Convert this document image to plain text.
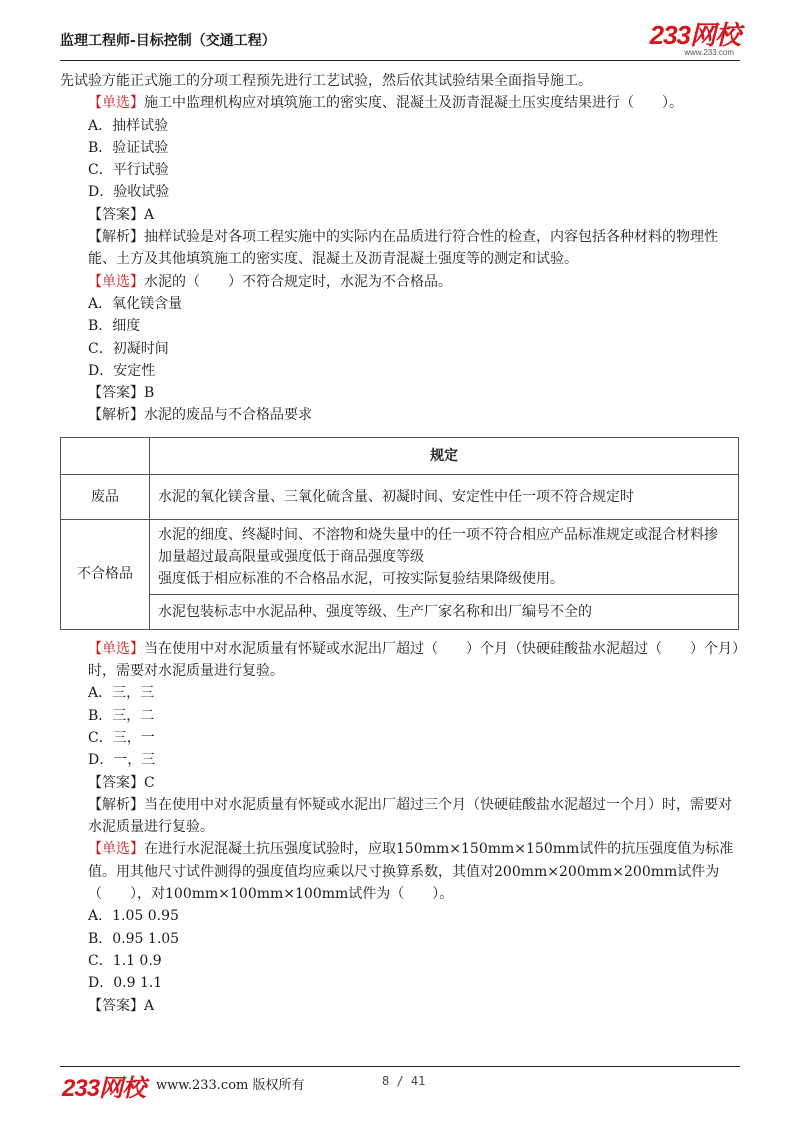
监理工程师-目标控制（交通工程）	233网校
www.233.com

先试验方能正式施工的分项工程预先进行工艺试验，然后依其试验结果全面指导施工。

【单选】施工中监理机构应对填筑施工的密实度、混凝土及沥青混凝土压实度结果进行（　　）。

A．抽样试验

B．验证试验

C．平行试验

D．验收试验

【答案】A

【解析】抽样试验是对各项工程实施中的实际内在品质进行符合性的检查，内容包括各种材料的物理性能、土方及其他填筑施工的密实度、混凝土及沥青混凝土强度等的测定和试验。

【单选】水泥的（　　）不符合规定时，水泥为不合格品。

A．氧化镁含量

B．细度

C．初凝时间

D．安定性

【答案】B

【解析】水泥的废品与不合格品要求

	规定
废品	水泥的氧化镁含量、三氧化硫含量、初凝时间、安定性中任一项不符合规定时
不合格品	水泥的细度、终凝时间、不溶物和烧失量中的任一项不符合相应产品标准规定或混合材料掺加量超过最高限量或强度低于商品强度等级
强度低于相应标准的不合格品水泥，可按实际复验结果降级使用。
	水泥包装标志中水泥品种、强度等级、生产厂家名称和出厂编号不全的

【单选】当在使用中对水泥质量有怀疑或水泥出厂超过（　　）个月（快硬硅酸盐水泥超过（　　）个月）时，需要对水泥质量进行复验。

A．三，三

B．三，二

C．三，一

D．一，三

【答案】C

【解析】当在使用中对水泥质量有怀疑或水泥出厂超过三个月（快硬硅酸盐水泥超过一个月）时，需要对水泥质量进行复验。

【单选】在进行水泥混凝土抗压强度试验时，应取150mm×150mm×150mm试件的抗压强度值为标准值。用其他尺寸试件测得的强度值均应乘以尺寸换算系数，其值对200mm×200mm×200mm试件为（　　），对100mm×100mm×100mm试件为（　　）。

A．1.05 0.95

B．0.95 1.05

C．1.1 0.9

D．0.9 1.1

【答案】A

233网校 www.233.com 版权所有	8 / 41
